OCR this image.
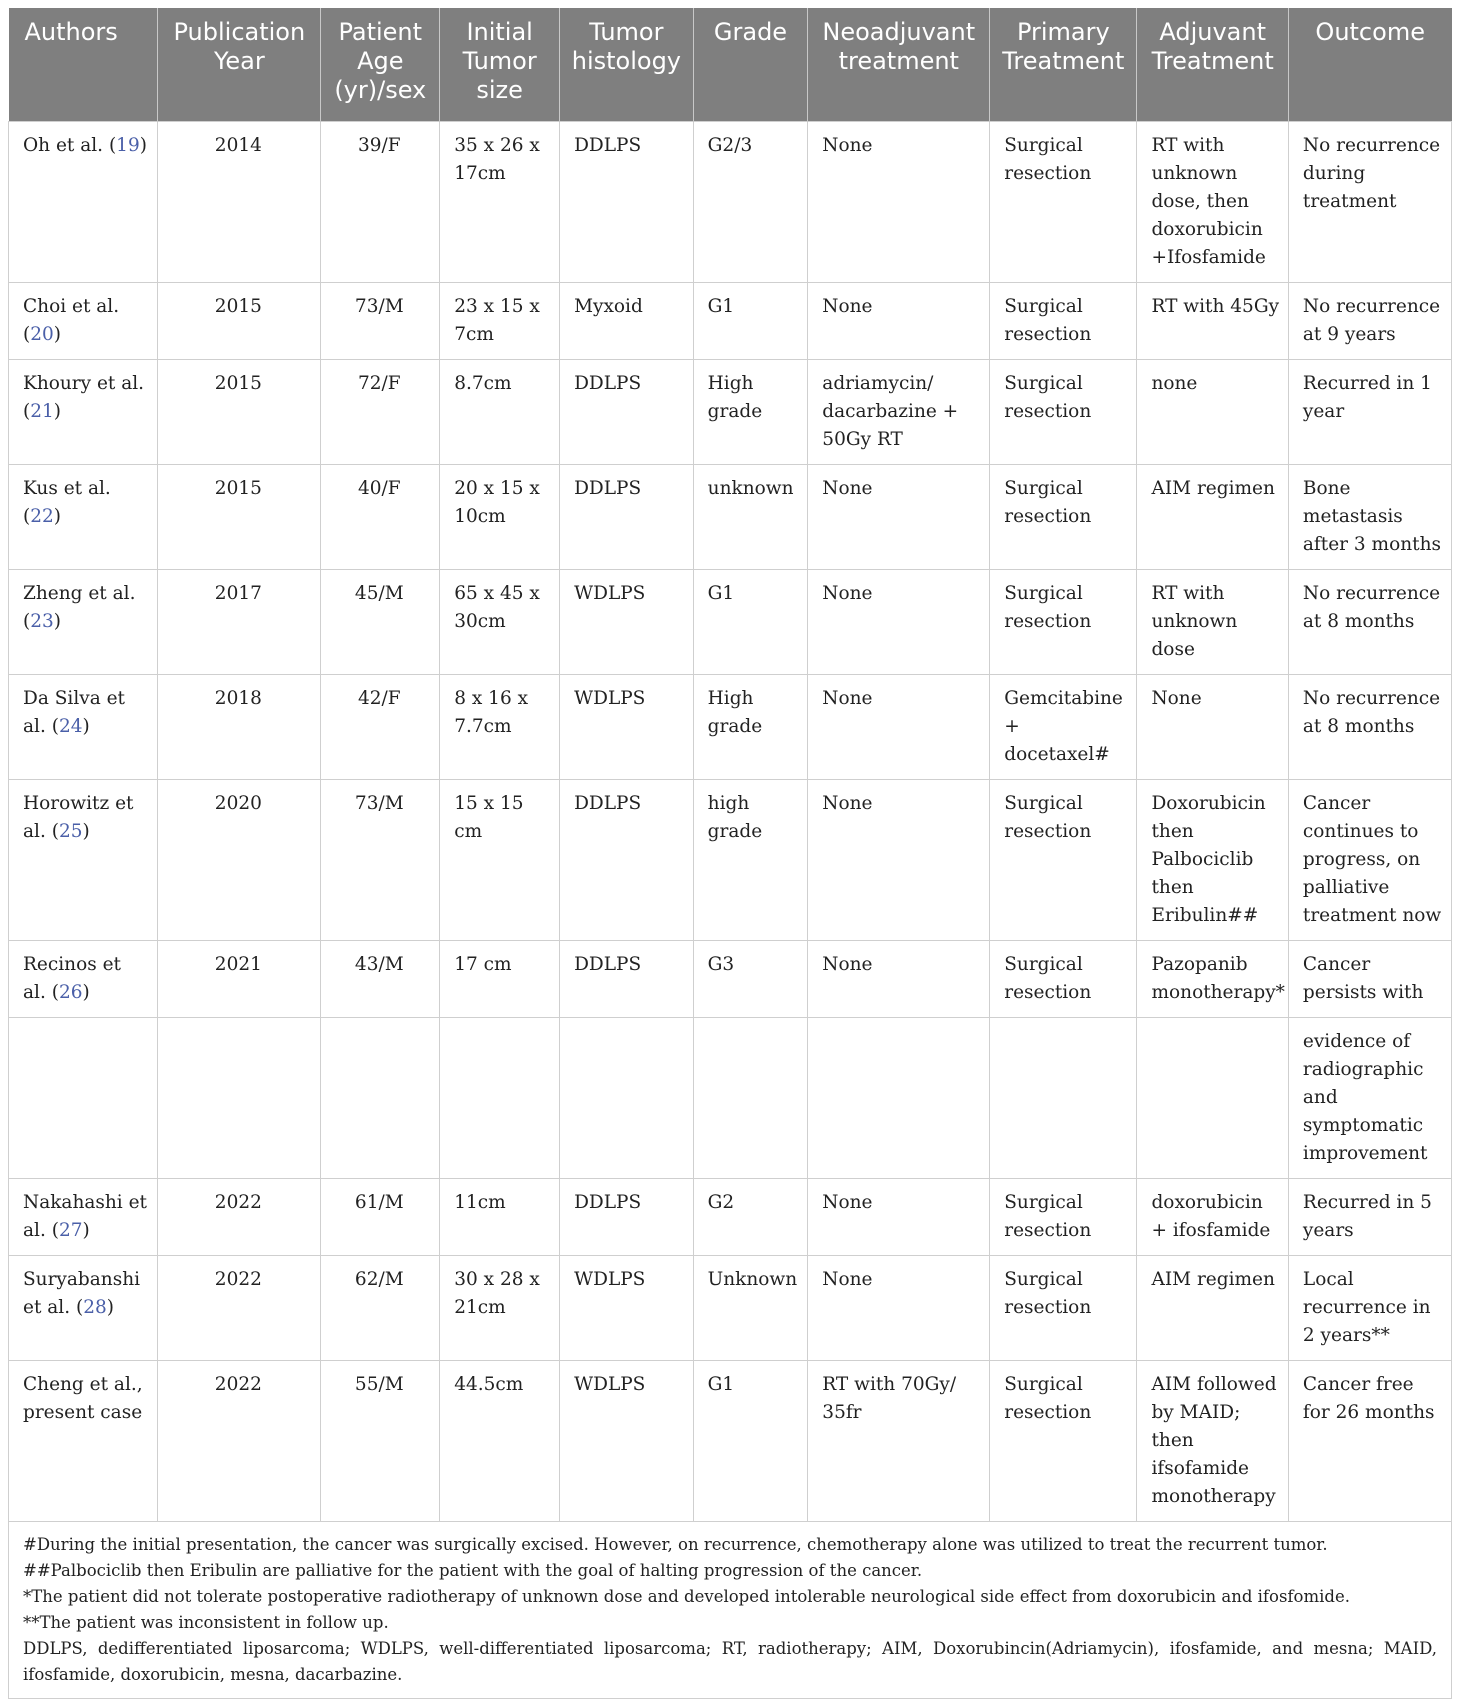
Authors	Publication Year	Patient Age (yr)/sex	Initial Tumor size	Tumor histology	Grade	Neoadjuvant treatment	Primary Treatment	Adjuvant Treatment	Outcome
Oh et al. (19)	2014	39/F	35 x 26 x 17cm	DDLPS	G2/3	None	Surgical resection	RT with unknown dose, then doxorubicin +Ifosfamide	No recurrence during treatment
Choi et al. (20)	2015	73/M	23 x 15 x 7cm	Myxoid	G1	None	Surgical resection	RT with 45Gy	No recurrence at 9 years
Khoury et al. (21)	2015	72/F	8.7cm	DDLPS	High grade	adriamycin/ dacarbazine + 50Gy RT	Surgical resection	none	Recurred in 1 year
Kus et al. (22)	2015	40/F	20 x 15 x 10cm	DDLPS	unknown	None	Surgical resection	AIM regimen	Bone metastasis after 3 months
Zheng et al. (23)	2017	45/M	65 x 45 x 30cm	WDLPS	G1	None	Surgical resection	RT with unknown dose	No recurrence at 8 months
Da Silva et al. (24)	2018	42/F	8 x 16 x 7.7cm	WDLPS	High grade	None	Gemcitabine + docetaxel#	None	No recurrence at 8 months
Horowitz et al. (25)	2020	73/M	15 x 15 cm	DDLPS	high grade	None	Surgical resection	Doxorubicin then Palbociclib then Eribulin##	Cancer continues to progress, on palliative treatment now
Recinos et al. (26)	2021	43/M	17 cm	DDLPS	G3	None	Surgical resection	Pazopanib monotherapy*	Cancer persists with
									evidence of radiographic and symptomatic improvement
Nakahashi et al. (27)	2022	61/M	11cm	DDLPS	G2	None	Surgical resection	doxorubicin + ifosfamide	Recurred in 5 years
Suryabanshi et al. (28)	2022	62/M	30 x 28 x 21cm	WDLPS	Unknown	None	Surgical resection	AIM regimen	Local recurrence in 2 years**
Cheng et al., present case	2022	55/M	44.5cm	WDLPS	G1	RT with 70Gy/ 35fr	Surgical resection	AIM followed by MAID; then ifsofamide monotherapy	Cancer free for 26 months

#During the initial presentation, the cancer was surgically excised. However, on recurrence, chemotherapy alone was utilized to treat the recurrent tumor.

##Palbociclib then Eribulin are palliative for the patient with the goal of halting progression of the cancer.

*The patient did not tolerate postoperative radiotherapy of unknown dose and developed intolerable neurological side effect from doxorubicin and ifosfomide.

**The patient was inconsistent in follow up.

DDLPS, dedifferentiated liposarcoma; WDLPS, well-differentiated liposarcoma; RT, radiotherapy; AIM, Doxorubincin(Adriamycin), ifosfamide, and mesna; MAID, ifosfamide, doxorubicin, mesna, dacarbazine.
